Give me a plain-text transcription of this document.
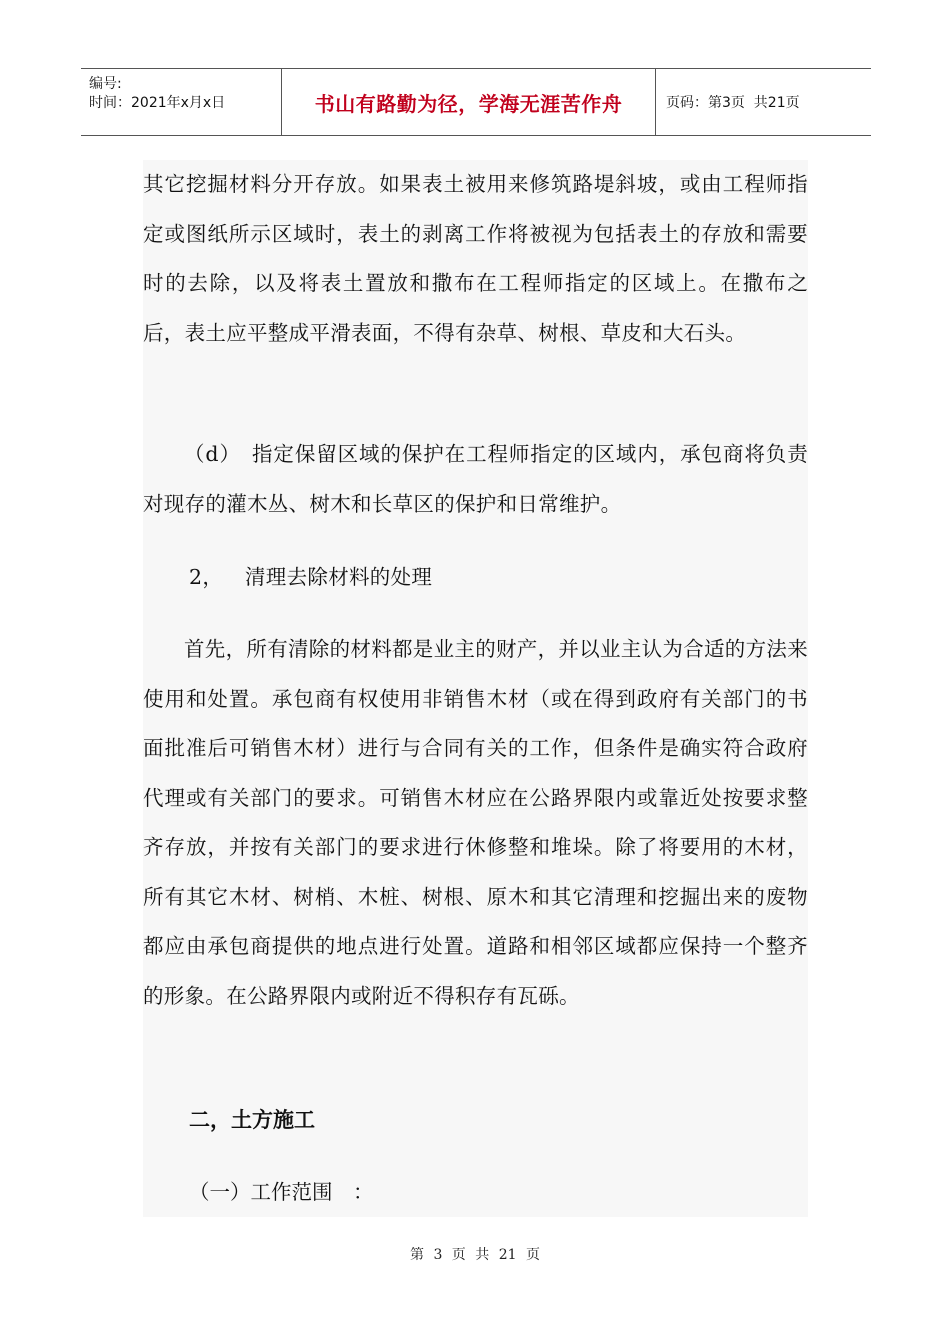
编号:
时间：2021年x月x日	书山有路勤为径，学海无涯苦作舟	页码：第3页  共21页
其它挖掘材料分开存放。如果表土被用来修筑路堤斜坡，或由工程师指定或图纸所示区域时，表土的剥离工作将被视为包括表土的存放和需要时的去除，以及将表土置放和撒布在工程师指定的区域上。在撒布之后，表土应平整成平滑表面，不得有杂草、树根、草皮和大石头。
（d）　指定保留区域的保护在工程师指定的区域内，承包商将负责对现存的灌木丛、树木和长草区的保护和日常维护。
2， 清理去除材料的处理
首先，所有清除的材料都是业主的财产，并以业主认为合适的方法来使用和处置。承包商有权使用非销售木材（或在得到政府有关部门的书面批准后可销售木材）进行与合同有关的工作，但条件是确实符合政府代理或有关部门的要求。可销售木材应在公路界限内或靠近处按要求整齐存放，并按有关部门的要求进行休修整和堆垛。除了将要用的木材，所有其它木材、树梢、木桩、树根、原木和其它清理和挖掘出来的废物都应由承包商提供的地点进行处置。道路和相邻区域都应保持一个整齐的形象。在公路界限内或附近不得积存有瓦砾。
二，土方施工
（一）工作范围　：
第 3 页 共 21 页
